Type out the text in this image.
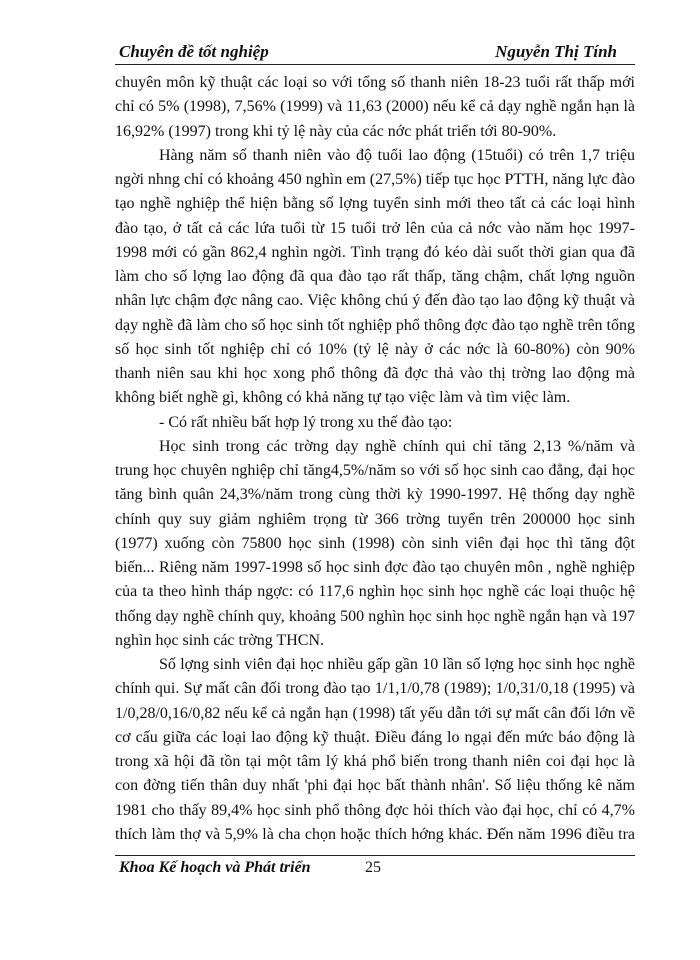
Chuyên đề tốt nghiệp	Nguyễn Thị Tính

chuyên môn kỹ thuật các loại so với tổng số thanh niên 18-23 tuổi rất thấp mới chỉ có 5% (1998), 7,56% (1999) và 11,63 (2000) nếu kể cả dạy nghề ngắn hạn là 16,92% (1997) trong khi tỷ lệ này của các nớc phát triển tới 80-90%.

Hàng năm số thanh niên vào độ tuổi lao động (15tuổi) có trên 1,7 triệu ngời nhng chỉ có khoảng 450 nghìn em (27,5%) tiếp tục học PTTH, năng lực đào tạo nghề nghiệp thể hiện bằng số lợng tuyển sinh mới theo tất cả các loại hình đào tạo, ở tất cả các lứa tuổi từ 15 tuổi trở lên của cả nớc vào năm học 1997-1998 mới có gần 862,4 nghìn ngời. Tình trạng đó kéo dài suốt thời gian qua đã làm cho số lợng lao động đã qua đào tạo rất thấp, tăng chậm, chất lợng nguồn nhân lực chậm đợc nâng cao. Việc không chú ý đến đào tạo lao động kỹ thuật và dạy nghề đã làm cho số học sinh tốt nghiệp phổ thông đợc đào tạo nghề trên tổng số học sinh tốt nghiệp chỉ có 10% (tỷ lệ này ở các nớc là 60-80%) còn 90% thanh niên sau khi học xong phổ thông đã đợc thả vào thị trờng lao động mà không biết nghề gì, không có khả năng tự tạo việc làm và tìm việc làm.

- Có rất nhiều bất hợp lý trong xu thế đào tạo:

Học sinh trong các trờng dạy nghề chính qui chỉ tăng 2,13 %/năm và trung học chuyên nghiệp chỉ tăng4,5%/năm so với số học sinh cao đẳng, đại học tăng bình quân 24,3%/năm trong cùng thời kỳ 1990-1997. Hệ thống dạy nghề chính quy suy giảm nghiêm trọng từ 366 trờng tuyển trên 200000 học sinh (1977) xuống còn 75800 học sinh (1998) còn sinh viên đại học thì tăng đột biến... Riêng năm 1997-1998 số học sinh đợc đào tạo chuyên môn , nghề nghiệp của ta theo hình tháp ngợc: có 117,6 nghìn học sinh học nghề các loại thuộc hệ thống dạy nghề chính quy, khoảng 500 nghìn học sinh học nghề ngắn hạn và 197 nghìn học sinh các trờng THCN.

Số lợng sinh viên đại học nhiều gấp gần 10 lần số lợng học sinh học nghề chính qui. Sự mất cân đối trong đào tạo 1/1,1/0,78 (1989); 1/0,31/0,18 (1995) và 1/0,28/0,16/0,82 nếu kể cả ngắn hạn (1998) tất yếu dẫn tới sự mất cân đối lớn về cơ cấu giữa các loại lao động kỹ thuật. Điều đáng lo ngại đến mức báo động là trong xã hội đã tồn tại một tâm lý khá phổ biến trong thanh niên coi đại học là con đờng tiến thân duy nhất 'phi đại học bất thành nhân'. Số liệu thống kê năm 1981 cho thấy 89,4% học sinh phổ thông đợc hỏi thích vào đại học, chỉ có 4,7% thích làm thợ và 5,9% là cha chọn hoặc thích hớng khác. Đến năm 1996 điều tra

Khoa Kế hoạch và Phát triển	25
